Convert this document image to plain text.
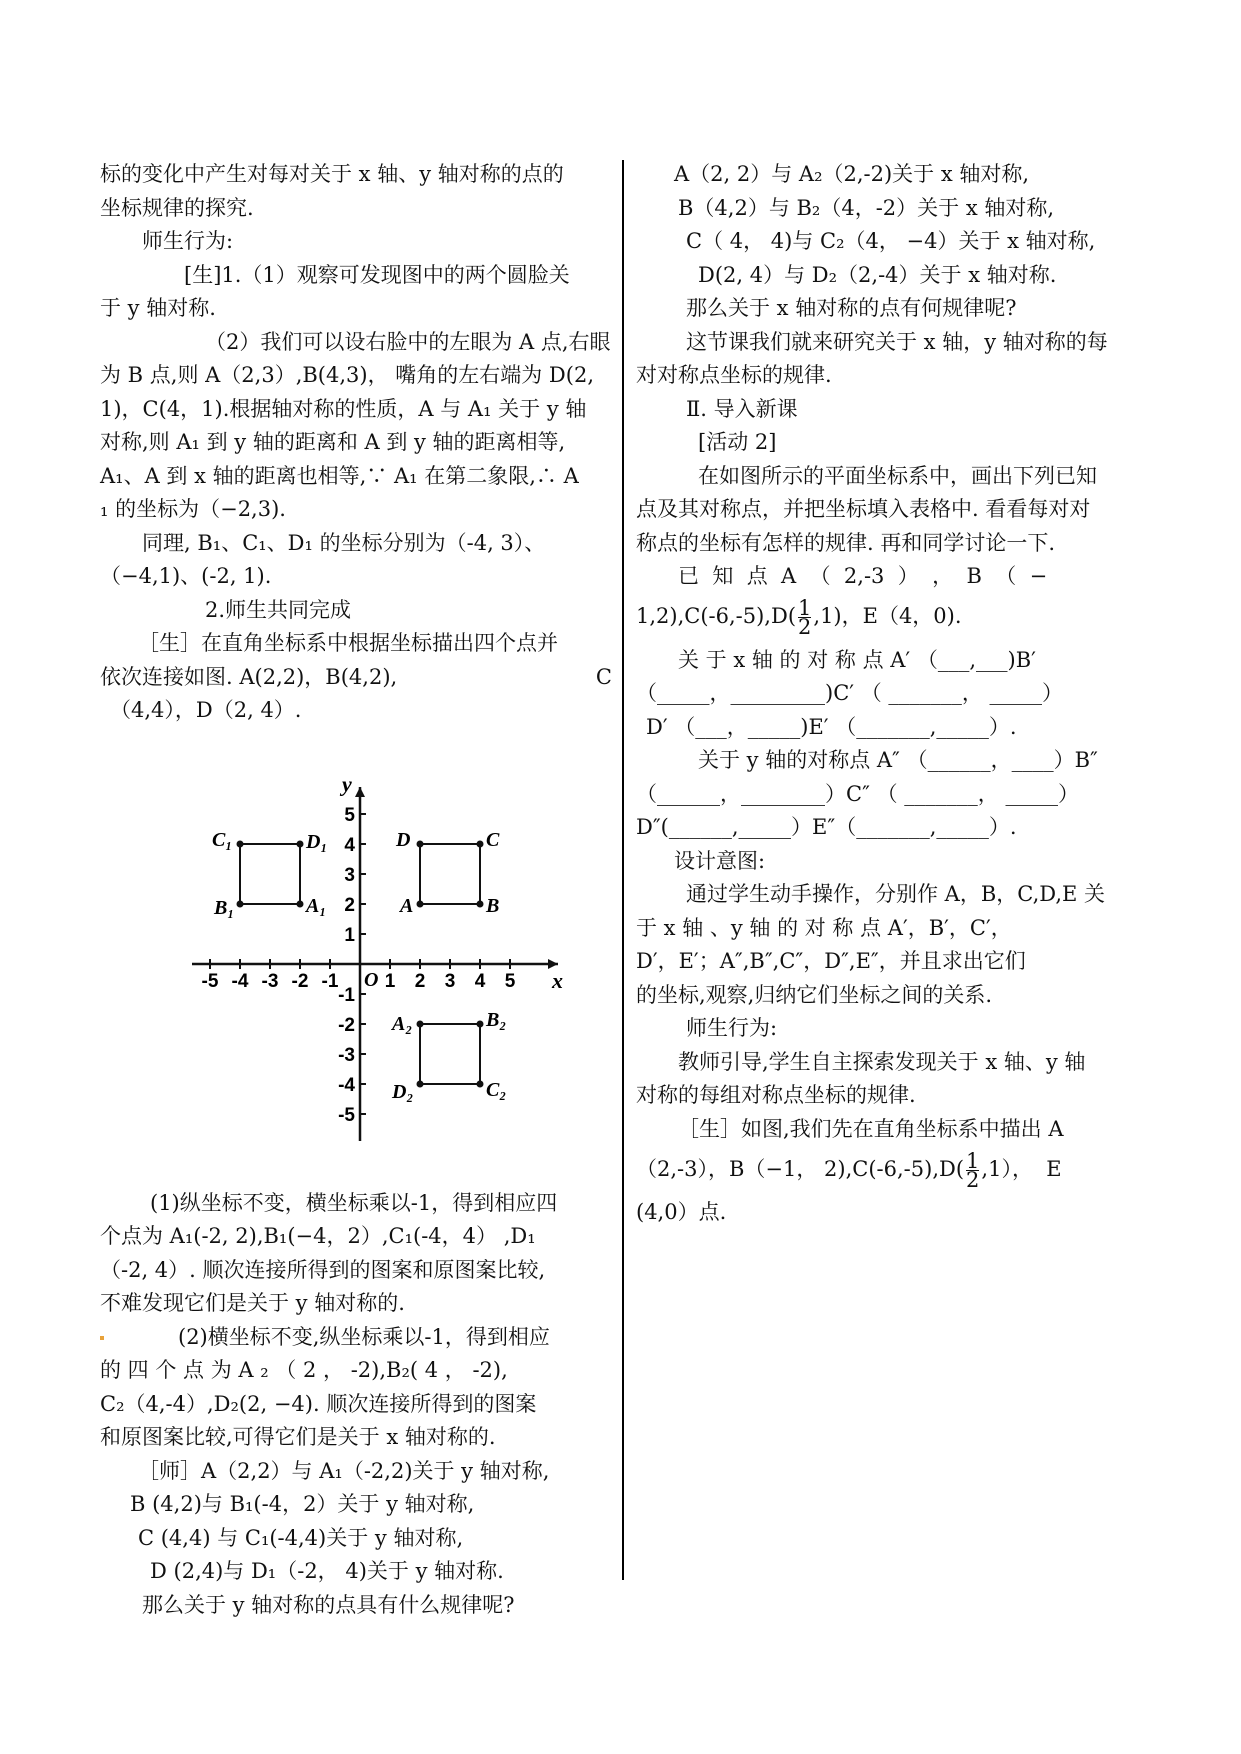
标的变化中产生对每对关于 x 轴、y 轴对称的点的

坐标规律的探究.

师生行为:

[生]1.（1）观察可发现图中的两个圆脸关

于 y 轴对称.

（2）我们可以设右脸中的左眼为 A 点,右眼

为 B 点,则 A（2,3）,B(4,3)， 嘴角的左右端为 D(2,

1)，C(4，1).根据轴对称的性质，A 与 A₁ 关于 y 轴

对称,则 A₁ 到 y 轴的距离和 A 到 y 轴的距离相等,

A₁、A 到 x 轴的距离也相等,∵ A₁ 在第二象限,∴ A

₁ 的坐标为（−2,3).

同理, B₁、C₁、D₁ 的坐标分别为（-4, 3）、

（−4,1)、(-2, 1).

2.师生共同完成

［生］在直角坐标系中根据坐标描出四个点并

依次连接如图. A(2,2)，B(4,2),	C

（4,4），D（2, 4）.

x
y
O
-5 -4 -3 -2 -1 1 2 3 4 5
5
4
3
2
1
-1
-2
-3
-4
-5
A	B
C
D
A₁
B₁
C₁	D₁
A₂	B₂
C₂
D₂

(1)纵坐标不变，横坐标乘以-1，得到相应四

个点为 A₁(-2, 2),B₁(−4，2）,C₁(-4，4） ,D₁

（-2, 4）. 顺次连接所得到的图案和原图案比较,

不难发现它们是关于 y 轴对称的.

(2)横坐标不变,纵坐标乘以-1，得到相应

的 四 个 点 为 A ₂ （ 2 ， -2),B₂( 4 ， -2),

C₂（4,-4）,D₂(2, −4). 顺次连接所得到的图案

和原图案比较,可得它们是关于 x 轴对称的.

［师］A（2,2）与 A₁（-2,2)关于 y 轴对称,

B (4,2)与 B₁(-4，2）关于 y 轴对称,

C (4,4) 与 C₁(-4,4)关于 y 轴对称,

D (2,4)与 D₁（-2， 4)关于 y 轴对称.

那么关于 y 轴对称的点具有什么规律呢?

A（2, 2）与 A₂（2,-2)关于 x 轴对称,

B（4,2）与 B₂（4，-2）关于 x 轴对称,

C（ 4， 4)与 C₂（4， −4）关于 x 轴对称,

D(2, 4）与 D₂（2,-4）关于 x 轴对称.

那么关于 x 轴对称的点有何规律呢?

这节课我们就来研究关于 x 轴，y 轴对称的每

对对称点坐标的规律.

Ⅱ. 导入新课

[活动 2]

在如图所示的平面坐标系中，画出下列已知

点及其对称点，并把坐标填入表格中. 看看每对对

称点的坐标有怎样的规律. 再和同学讨论一下.

已  知  点  A  （  2,-3  ）  ，  B  （  −

$1,2),C(-6,-5),D( \frac{1}{2} ,1)$，E（4，0).

关 于 x 轴 的 对 称 点 A′ （___,___)B′

（_____，_________)C′ （ _______， _____）

D′ （___，_____)E′ （_______,_____）.

关于 y 轴的对称点 A″ （______，____）B″

（______，________）C″ （ _______， _____）

D″(______,_____）E″（_______,_____）.

设计意图:

通过学生动手操作，分别作 A，B，C,D,E 关

于 x 轴 、y 轴 的 对 称 点 A′，B′，C′，

D′，E′；A″,B″,C″，D″,E″，并且求出它们

的坐标,观察,归纳它们坐标之间的关系.

师生行为:

教师引导,学生自主探索发现关于 x 轴、y 轴

对称的每组对称点坐标的规律.

［生］如图,我们先在直角坐标系中描出 A

（2,-3），B（−1， $2),C(-6,-5),D( \frac{1}{2} ,1)$，  E

(4,0）点.
